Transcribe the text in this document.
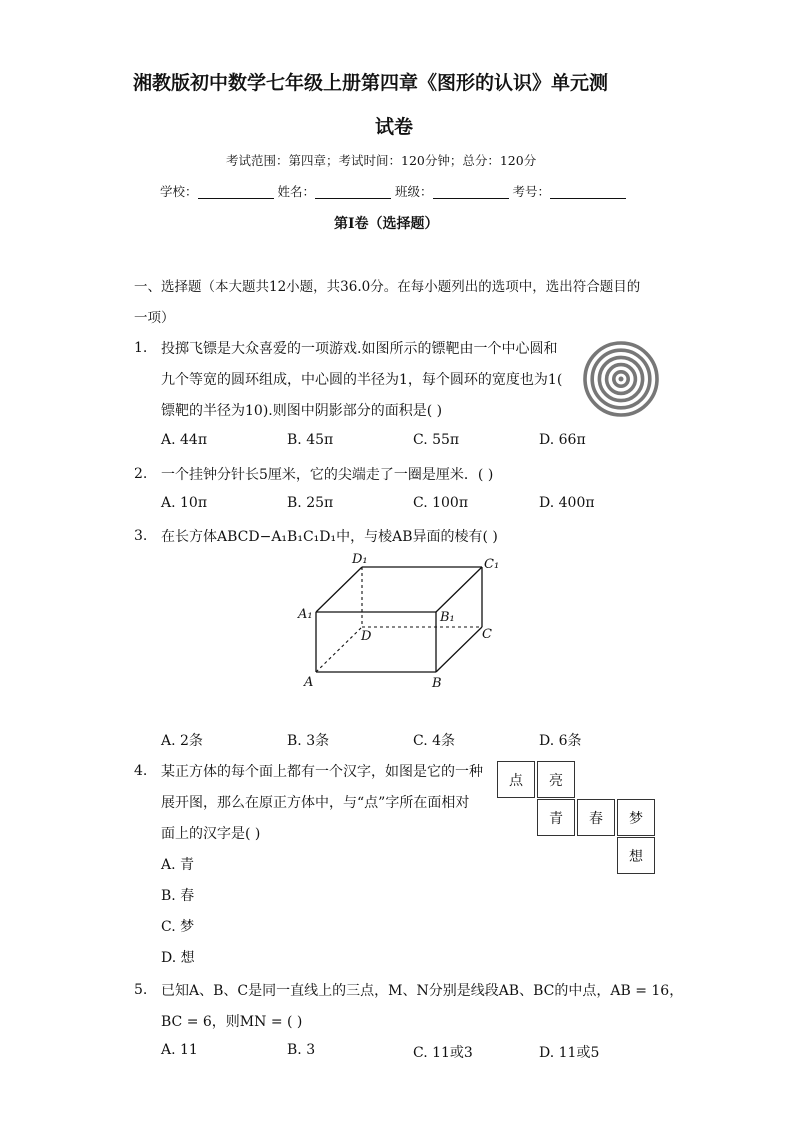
湘教版初中数学七年级上册第四章《图形的认识》单元测
试卷
考试范围：第四章；考试时间：120分钟；总分：120分
学校：	姓名：	班级：	考号：
第I卷（选择题）
一、选择题（本大题共12小题，共36.0分。在每小题列出的选项中，选出符合题目的
一项）
1. 投掷飞镖是大众喜爱的一项游戏.如图所示的镖靶由一个中心圆和
九个等宽的圆环组成，中心圆的半径为1，每个圆环的宽度也为1(
镖靶的半径为10).则图中阴影部分的面积是( )
A. 44π	B. 45π	C. 55π	D. 66π
2. 一个挂钟分针长5厘米，它的尖端走了一圈是厘米．( )
A. 10π	B. 25π	C. 100π	D. 400π
3. 在长方体ABCD−A₁B₁C₁D₁中，与棱AB异面的棱有( )
D₁	C₁
A₁	B₁
D	C
A	B
A. 2条	B. 3条	C. 4条	D. 6条
4. 某正方体的每个面上都有一个汉字，如图是它的一种
展开图，那么在原正方体中，与“点”字所在面相对
面上的汉字是( )
点	亮
青	春	梦
想
A. 青
B. 春
C. 梦
D. 想
5. 已知A、B、C是同一直线上的三点，M、N分别是线段AB、BC的中点，AB = 16，
BC = 6，则MN = ( )
A. 11	B. 3	C. 11或3	D. 11或5
